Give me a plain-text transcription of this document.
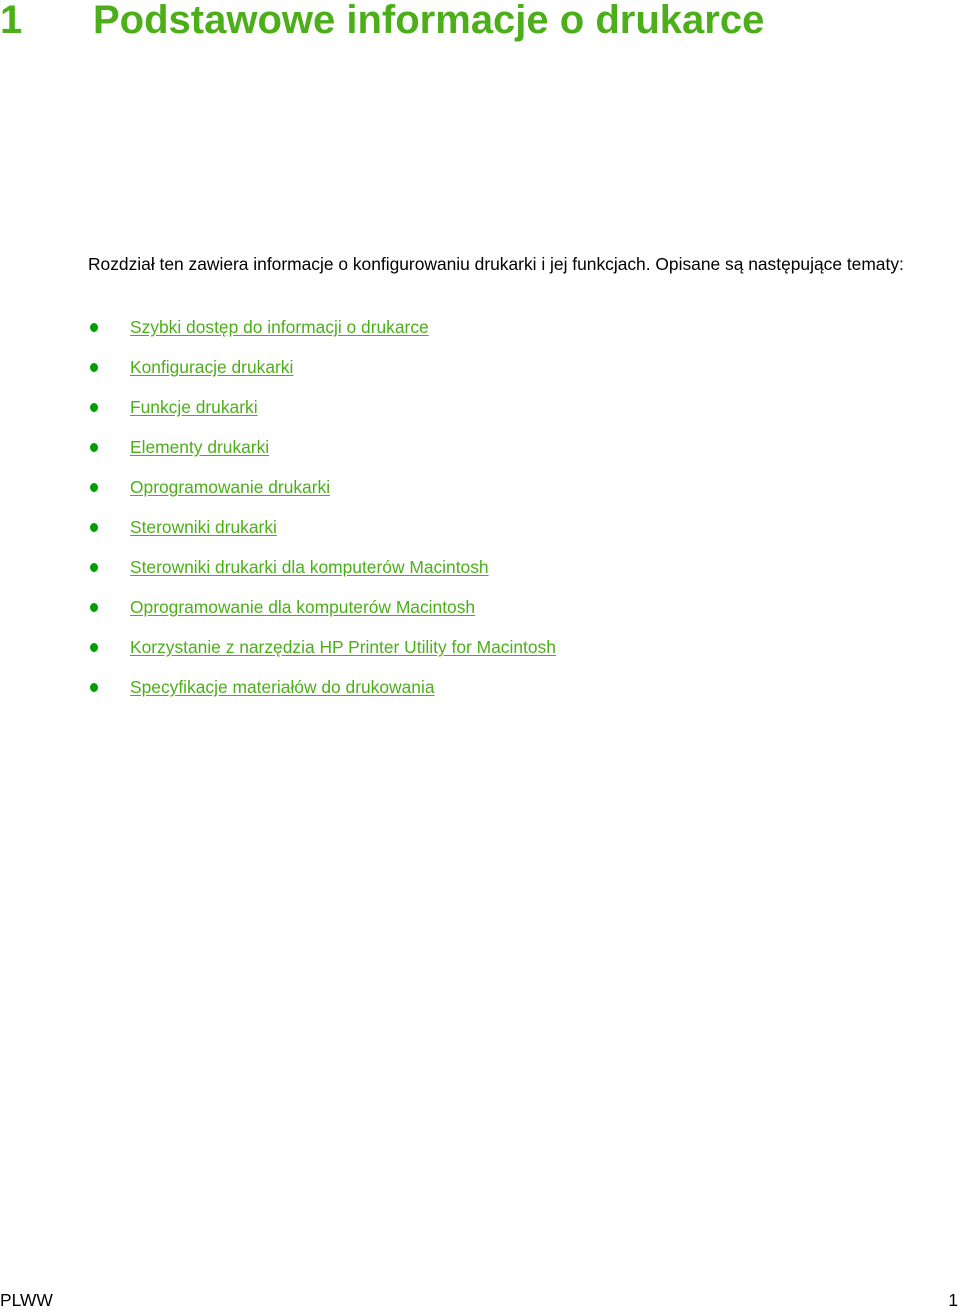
1 Podstawowe informacje o drukarce

Rozdział ten zawiera informacje o konfigurowaniu drukarki i jej funkcjach. Opisane są następujące tematy:

Szybki dostęp do informacji o drukarce
Konfiguracje drukarki
Funkcje drukarki
Elementy drukarki
Oprogramowanie drukarki
Sterowniki drukarki
Sterowniki drukarki dla komputerów Macintosh
Oprogramowanie dla komputerów Macintosh
Korzystanie z narzędzia HP Printer Utility for Macintosh
Specyfikacje materiałów do drukowania
PLWW	1
